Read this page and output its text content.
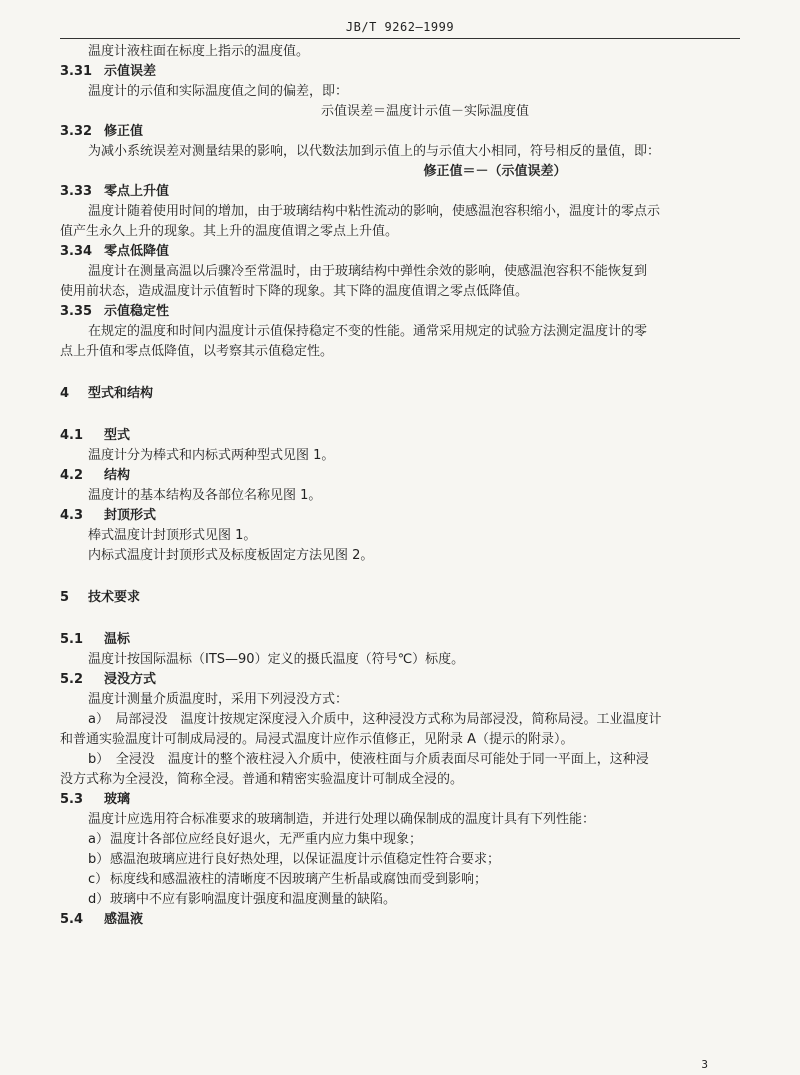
JB/T 9262—1999
温度计液柱面在标度上指示的温度值。
3.31 示值误差
温度计的示值和实际温度值之间的偏差，即：
示值误差＝温度计示值－实际温度值
3.32 修正值
为减小系统误差对测量结果的影响，以代数法加到示值上的与示值大小相同，符号相反的量值，即：
修正值＝－（示值误差）
3.33 零点上升值
温度计随着使用时间的增加，由于玻璃结构中粘性流动的影响，使感温泡容积缩小，温度计的零点示
值产生永久上升的现象。其上升的温度值谓之零点上升值。
3.34 零点低降值
温度计在测量高温以后骤冷至常温时，由于玻璃结构中弹性余效的影响，使感温泡容积不能恢复到
使用前状态，造成温度计示值暂时下降的现象。其下降的温度值谓之零点低降值。
3.35 示值稳定性
在规定的温度和时间内温度计示值保持稳定不变的性能。通常采用规定的试验方法测定温度计的零
点上升值和零点低降值，以考察其示值稳定性。
4	型式和结构
4.1	型式
温度计分为棒式和内标式两种型式见图 1。
4.2	结构
温度计的基本结构及各部位名称见图 1。
4.3	封顶形式
棒式温度计封顶形式见图 1。
内标式温度计封顶形式及标度板固定方法见图 2。
5	技术要求
5.1	温标
温度计按国际温标（ITS—90）定义的摄氏温度（符号℃）标度。
5.2	浸没方式
温度计测量介质温度时，采用下列浸没方式：
a）　局部浸没　温度计按规定深度浸入介质中，这种浸没方式称为局部浸没，简称局浸。工业温度计
和普通实验温度计可制成局浸的。局浸式温度计应作示值修正，见附录 A（提示的附录）。
b）　全浸没　温度计的整个液柱浸入介质中，使液柱面与介质表面尽可能处于同一平面上，这种浸
没方式称为全浸没，简称全浸。普通和精密实验温度计可制成全浸的。
5.3	玻璃
温度计应选用符合标准要求的玻璃制造，并进行处理以确保制成的温度计具有下列性能：
a）温度计各部位应经良好退火，无严重内应力集中现象；
b）感温泡玻璃应进行良好热处理，以保证温度计示值稳定性符合要求；
c） 标度线和感温液柱的清晰度不因玻璃产生析晶或腐蚀而受到影响；
d）玻璃中不应有影响温度计强度和温度测量的缺陷。
5.4	感温液
3
